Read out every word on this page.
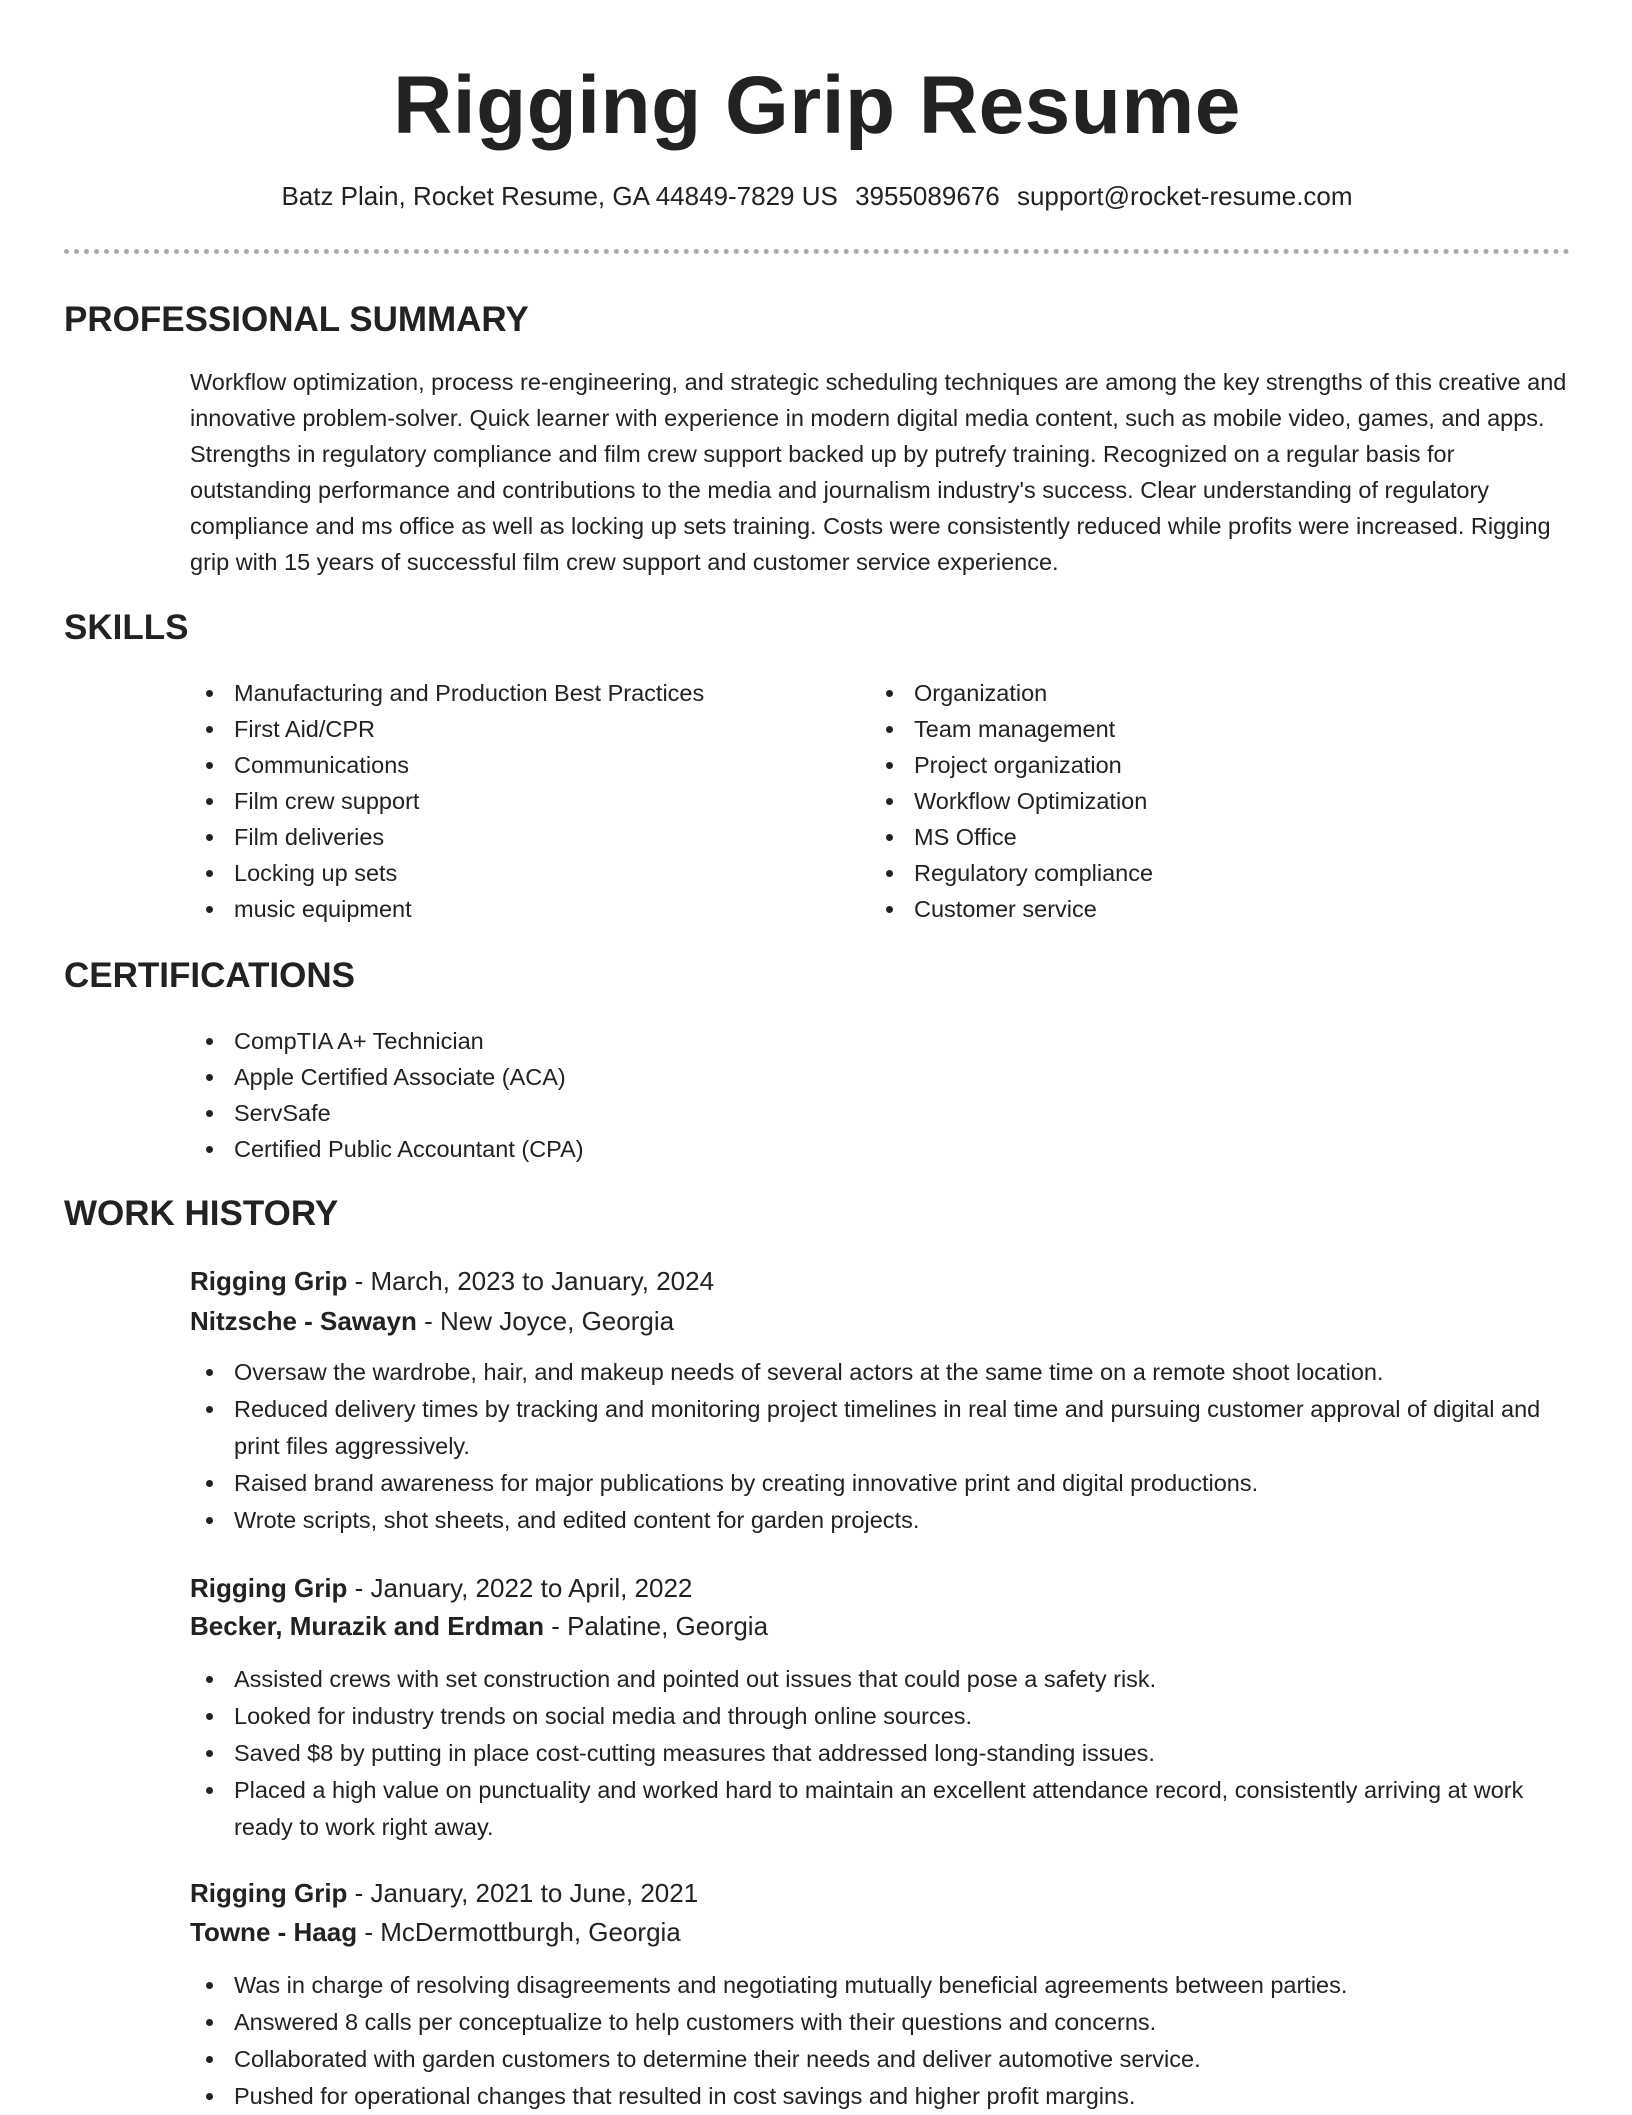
Rigging Grip Resume
Batz Plain, Rocket Resume, GA 44849-7829 US 3955089676 support@rocket-resume.com
PROFESSIONAL SUMMARY
Workflow optimization, process re-engineering, and strategic scheduling techniques are among the key strengths of this creative and innovative problem-solver. Quick learner with experience in modern digital media content, such as mobile video, games, and apps. Strengths in regulatory compliance and film crew support backed up by putrefy training. Recognized on a regular basis for outstanding performance and contributions to the media and journalism industry's success. Clear understanding of regulatory compliance and ms office as well as locking up sets training. Costs were consistently reduced while profits were increased. Rigging grip with 15 years of successful film crew support and customer service experience.
SKILLS
Manufacturing and Production Best Practices
First Aid/CPR
Communications
Film crew support
Film deliveries
Locking up sets
music equipment
Organization
Team management
Project organization
Workflow Optimization
MS Office
Regulatory compliance
Customer service
CERTIFICATIONS
CompTIA A+ Technician
Apple Certified Associate (ACA)
ServSafe
Certified Public Accountant (CPA)
WORK HISTORY
Rigging Grip - March, 2023 to January, 2024
Nitzsche - Sawayn - New Joyce, Georgia
Oversaw the wardrobe, hair, and makeup needs of several actors at the same time on a remote shoot location.
Reduced delivery times by tracking and monitoring project timelines in real time and pursuing customer approval of digital and print files aggressively.
Raised brand awareness for major publications by creating innovative print and digital productions.
Wrote scripts, shot sheets, and edited content for garden projects.
Rigging Grip - January, 2022 to April, 2022
Becker, Murazik and Erdman - Palatine, Georgia
Assisted crews with set construction and pointed out issues that could pose a safety risk.
Looked for industry trends on social media and through online sources.
Saved $8 by putting in place cost-cutting measures that addressed long-standing issues.
Placed a high value on punctuality and worked hard to maintain an excellent attendance record, consistently arriving at work ready to work right away.
Rigging Grip - January, 2021 to June, 2021
Towne - Haag - McDermottburgh, Georgia
Was in charge of resolving disagreements and negotiating mutually beneficial agreements between parties.
Answered 8 calls per conceptualize to help customers with their questions and concerns.
Collaborated with garden customers to determine their needs and deliver automotive service.
Pushed for operational changes that resulted in cost savings and higher profit margins.
